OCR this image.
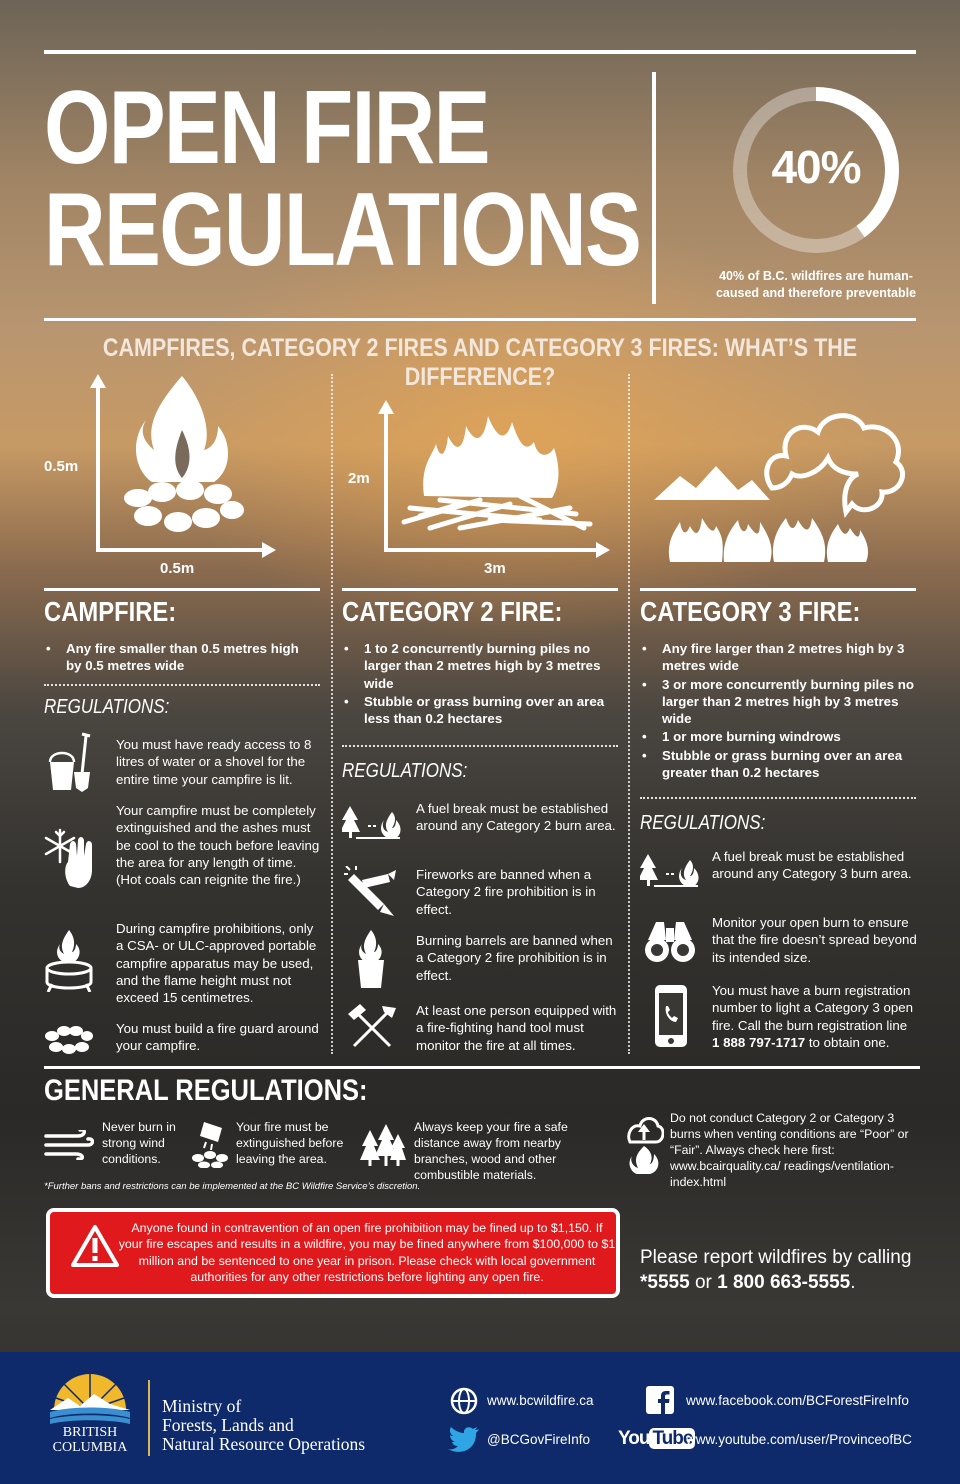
OPEN FIRE
REGULATIONS
40%
40% of B.C. wildfires are human-
caused and therefore preventable
CAMPFIRES, CATEGORY 2 FIRES AND CATEGORY 3 FIRES: WHAT’S THE DIFFERENCE?
0.5m
0.5m
2m
3m
CAMPFIRE:	CATEGORY 2 FIRE:	CATEGORY 3 FIRE:
• Any fire smaller than 0.5 metres high by 0.5 metres wide
• 1 to 2 concurrently burning piles no larger than 2 metres high by 3 metres wide
• Stubble or grass burning over an area less than 0.2 hectares
• Any fire larger than 2 metres high by 3 metres wide
• 3 or more concurrently burning piles no larger than 2 metres high by 3 metres wide
• 1 or more burning windrows
• Stubble or grass burning over an area greater than 0.2 hectares
REGULATIONS:
REGULATIONS:
REGULATIONS:
You must have ready access to 8 litres of water or a shovel for the entire time your campfire is lit.
Your campfire must be completely extinguished and the ashes must be cool to the touch before leaving the area for any length of time. (Hot coals can reignite the fire.)
During campfire prohibitions, only a CSA- or ULC-approved portable campfire apparatus may be used, and the flame height must not exceed 15 centimetres.
You must build a fire guard around your campfire.
A fuel break must be established around any Category 2 burn area.
Fireworks are banned when a Category 2 fire prohibition is in effect.
Burning barrels are banned when a Category 2 fire prohibition is in effect.
At least one person equipped with a fire-fighting hand tool must monitor the fire at all times.
A fuel break must be established around any Category 3 burn area.
Monitor your open burn to ensure that the fire doesn’t spread beyond its intended size.
You must have a burn registration number to light a Category 3 open fire. Call the burn registration line 1 888 797-1717 to obtain one.
GENERAL REGULATIONS:
Never burn in strong wind conditions.
Your fire must be extinguished before leaving the area.
Always keep your fire a safe distance away from nearby branches, wood and other combustible materials.
Do not conduct Category 2 or Category 3 burns when venting conditions are “Poor” or “Fair”. Always check here first: www.bcairquality.ca/ readings/ventilation-index.html
*Further bans and restrictions can be implemented at the BC Wildfire Service’s discretion.
Anyone found in contravention of an open fire prohibition may be fined up to $1,150. If your fire escapes and results in a wildfire, you may be fined anywhere from $100,000 to $1 million and be sentenced to one year in prison. Please check with local government authorities for any other restrictions before lighting any open fire.
Please report wildfires by calling
*5555 or 1 800 663-5555.
BRITISH
COLUMBIA
Ministry of
Forests, Lands and
Natural Resource Operations
www.bcwildfire.ca
@BCGovFireInfo
www.facebook.com/BCForestFireInfo
You Tube
www.youtube.com/user/ProvinceofBC
